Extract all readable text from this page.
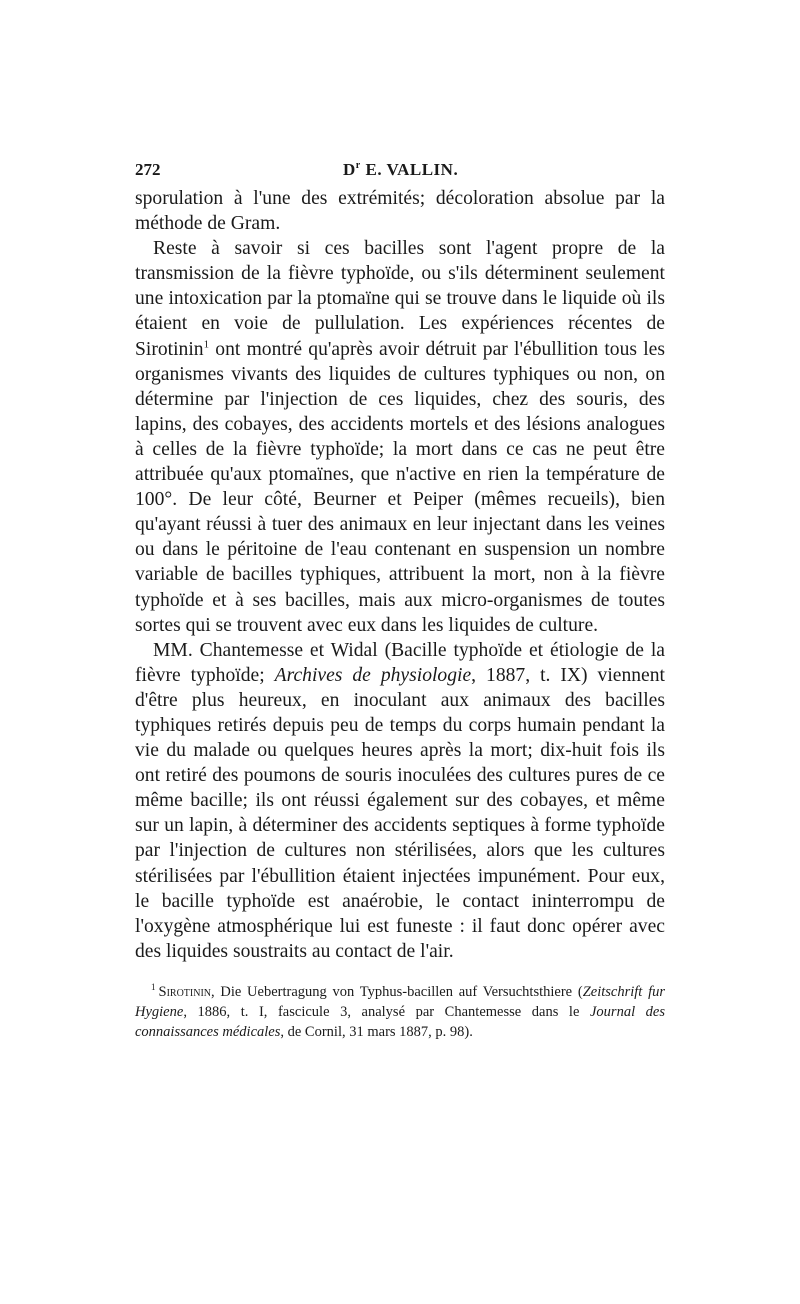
272	$D^r$ E. VALLIN.

sporulation à l'une des extrémités; décoloration absolue par la méthode de Gram.

Reste à savoir si ces bacilles sont l'agent propre de la transmission de la fièvre typhoïde, ou s'ils déterminent seulement une intoxication par la ptomaïne qui se trouve dans le liquide où ils étaient en voie de pullulation. Les expériences récentes de Sirotinin$^1$ ont montré qu'après avoir détruit par l'ébullition tous les organismes vivants des liquides de cultures typhiques ou non, on détermine par l'injection de ces liquides, chez des souris, des lapins, des cobayes, des accidents mortels et des lésions analogues à celles de la fièvre typhoïde; la mort dans ce cas ne peut être attribuée qu'aux ptomaïnes, que n'active en rien la température de 100°. De leur côté, Beurner et Peiper (mêmes recueils), bien qu'ayant réussi à tuer des animaux en leur injectant dans les veines ou dans le péritoine de l'eau contenant en suspension un nombre variable de bacilles typhiques, attribuent la mort, non à la fièvre typhoïde et à ses bacilles, mais aux micro-organismes de toutes sortes qui se trouvent avec eux dans les liquides de culture.

MM. Chantemesse et Widal (Bacille typhoïde et étiologie de la fièvre typhoïde; Archives de physiologie, 1887, t. IX) viennent d'être plus heureux, en inoculant aux animaux des bacilles typhiques retirés depuis peu de temps du corps humain pendant la vie du malade ou quelques heures après la mort; dix-huit fois ils ont retiré des poumons de souris inoculées des cultures pures de ce même bacille; ils ont réussi également sur des cobayes, et même sur un lapin, à déterminer des accidents septiques à forme typhoïde par l'injection de cultures non stérilisées, alors que les cultures stérilisées par l'ébullition étaient injectées impunément. Pour eux, le bacille typhoïde est anaérobie, le contact ininterrompu de l'oxygène atmosphérique lui est funeste : il faut donc opérer avec des liquides soustraits au contact de l'air.

$^1$ Sirotinin, Die Uebertragung von Typhus-bacillen auf Versuchtsthiere (Zeitschrift fur Hygiene, 1886, t. I, fascicule 3, analysé par Chantemesse dans le Journal des connaissances médicales, de Cornil, 31 mars 1887, p. 98).
